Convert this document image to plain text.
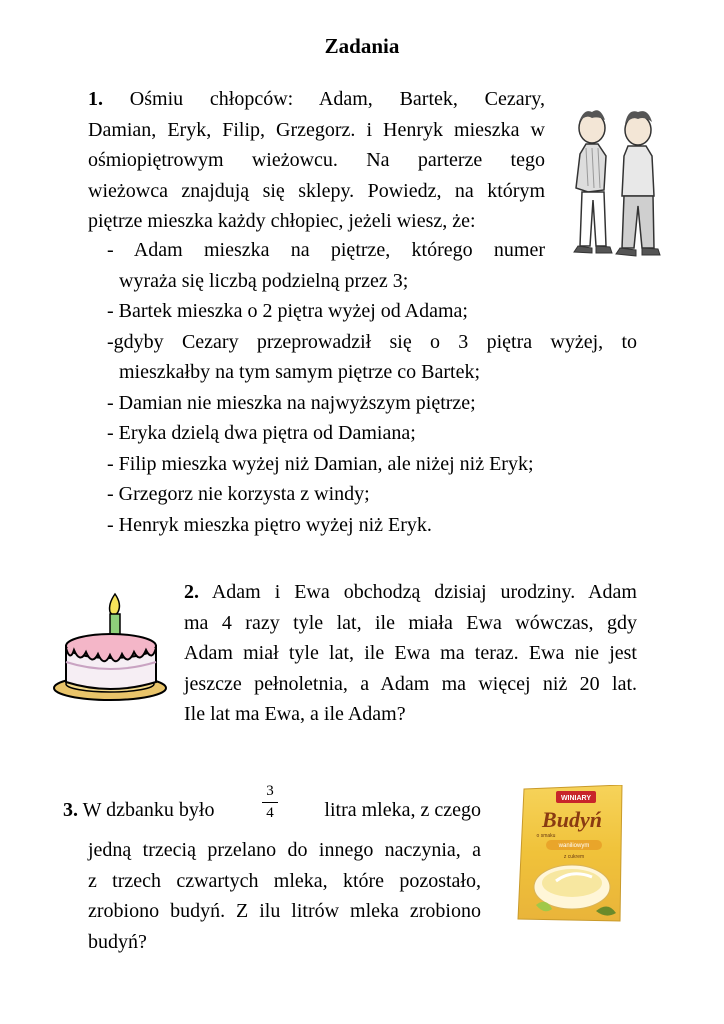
Zadania
1. Ośmiu chłopców: Adam, Bartek, Cezary,
Damian, Eryk, Filip, Grzegorz. i Henryk mieszka w
ośmiopiętrowym wieżowcu. Na parterze tego
wieżowca znajdują się sklepy. Powiedz, na którym
piętrze mieszka każdy chłopiec, jeżeli wiesz, że:
- Adam mieszka na piętrze, którego numer
wyraża się liczbą podzielną przez 3;
- Bartek mieszka o 2 piętra wyżej od Adama;
-gdyby Cezary przeprowadził się o 3 piętra wyżej, to
mieszkałby na tym samym piętrze co Bartek;
- Damian nie mieszka na najwyższym piętrze;
- Eryka dzielą dwa piętra od Damiana;
- Filip mieszka wyżej niż Damian, ale niżej niż Eryk;
- Grzegorz nie korzysta z windy;
- Henryk mieszka piętro wyżej niż Eryk.
2. Adam i Ewa obchodzą dzisiaj urodziny. Adam
ma 4 razy tyle lat, ile miała Ewa wówczas, gdy
Adam miał tyle lat, ile Ewa ma teraz. Ewa nie jest
jeszcze pełnoletnia, a Adam ma więcej niż 20 lat.
Ile lat ma Ewa, a ile Adam?
3. W dzbanku było	litra mleka, z czego
3
4
jedną trzecią przelano do innego naczynia, a
z trzech czwartych mleka, które pozostało,
zrobiono budyń. Z ilu litrów mleka zrobiono
budyń?
WINIARY
Budyń
o smaku
waniliowym
z cukrem
